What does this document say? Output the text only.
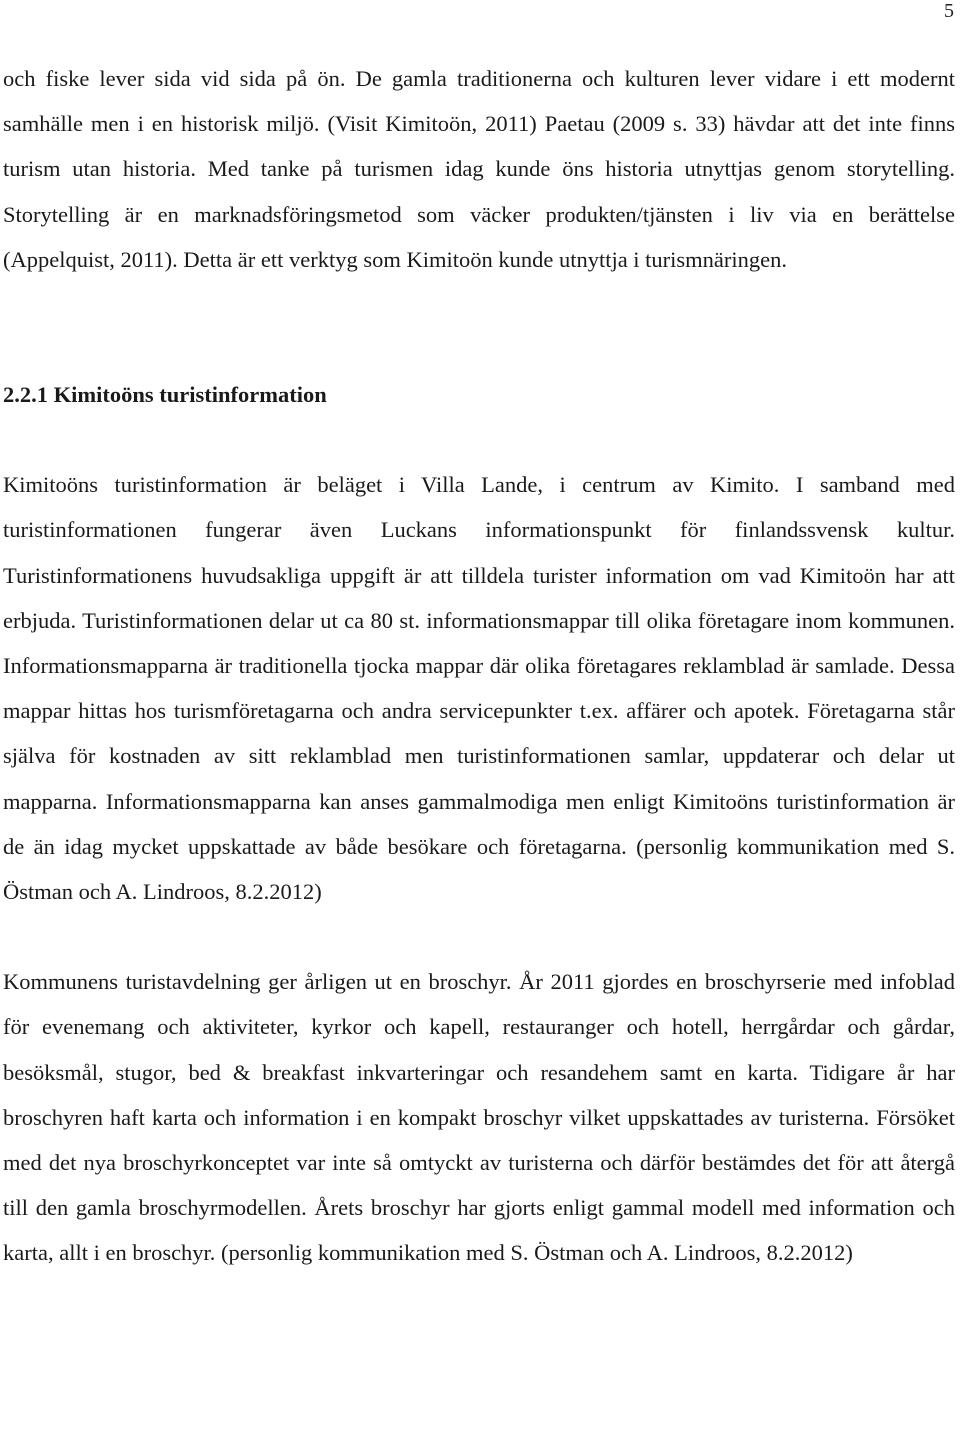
5

och fiske lever sida vid sida på ön. De gamla traditionerna och kulturen lever vidare i ett modernt samhälle men i en historisk miljö. (Visit Kimitoön, 2011) Paetau (2009 s. 33) hävdar att det inte finns turism utan historia. Med tanke på turismen idag kunde öns historia utnyttjas genom storytelling. Storytelling är en marknadsföringsmetod som väcker produkten/tjänsten i liv via en berättelse (Appelquist, 2011). Detta är ett verktyg som Kimitoön kunde utnyttja i turismnäringen.

2.2.1 Kimitoöns turistinformation

Kimitoöns turistinformation är beläget i Villa Lande, i centrum av Kimito. I samband med turistinformationen fungerar även Luckans informationspunkt för finlandssvensk kultur. Turistinformationens huvudsakliga uppgift är att tilldela turister information om vad Kimitoön har att erbjuda. Turistinformationen delar ut ca 80 st. informationsmappar till olika företagare inom kommunen. Informationsmapparna är traditionella tjocka mappar där olika företagares reklamblad är samlade. Dessa mappar hittas hos turismföretagarna och andra servicepunkter t.ex. affärer och apotek. Företagarna står själva för kostnaden av sitt reklamblad men turistinformationen samlar, uppdaterar och delar ut mapparna. Informationsmapparna kan anses gammalmodiga men enligt Kimitoöns turistinformation är de än idag mycket uppskattade av både besökare och företagarna. (personlig kommunikation med S. Östman och A. Lindroos, 8.2.2012)

Kommunens turistavdelning ger årligen ut en broschyr. År 2011 gjordes en broschyrserie med infoblad för evenemang och aktiviteter, kyrkor och kapell, restauranger och hotell, herrgårdar och gårdar, besöksmål, stugor, bed & breakfast inkvarteringar och resandehem samt en karta. Tidigare år har broschyren haft karta och information i en kompakt broschyr vilket uppskattades av turisterna. Försöket med det nya broschyrkonceptet var inte så omtyckt av turisterna och därför bestämdes det för att återgå till den gamla broschyrmodellen. Årets broschyr har gjorts enligt gammal modell med information och karta, allt i en broschyr. (personlig kommunikation med S. Östman och A. Lindroos, 8.2.2012)
